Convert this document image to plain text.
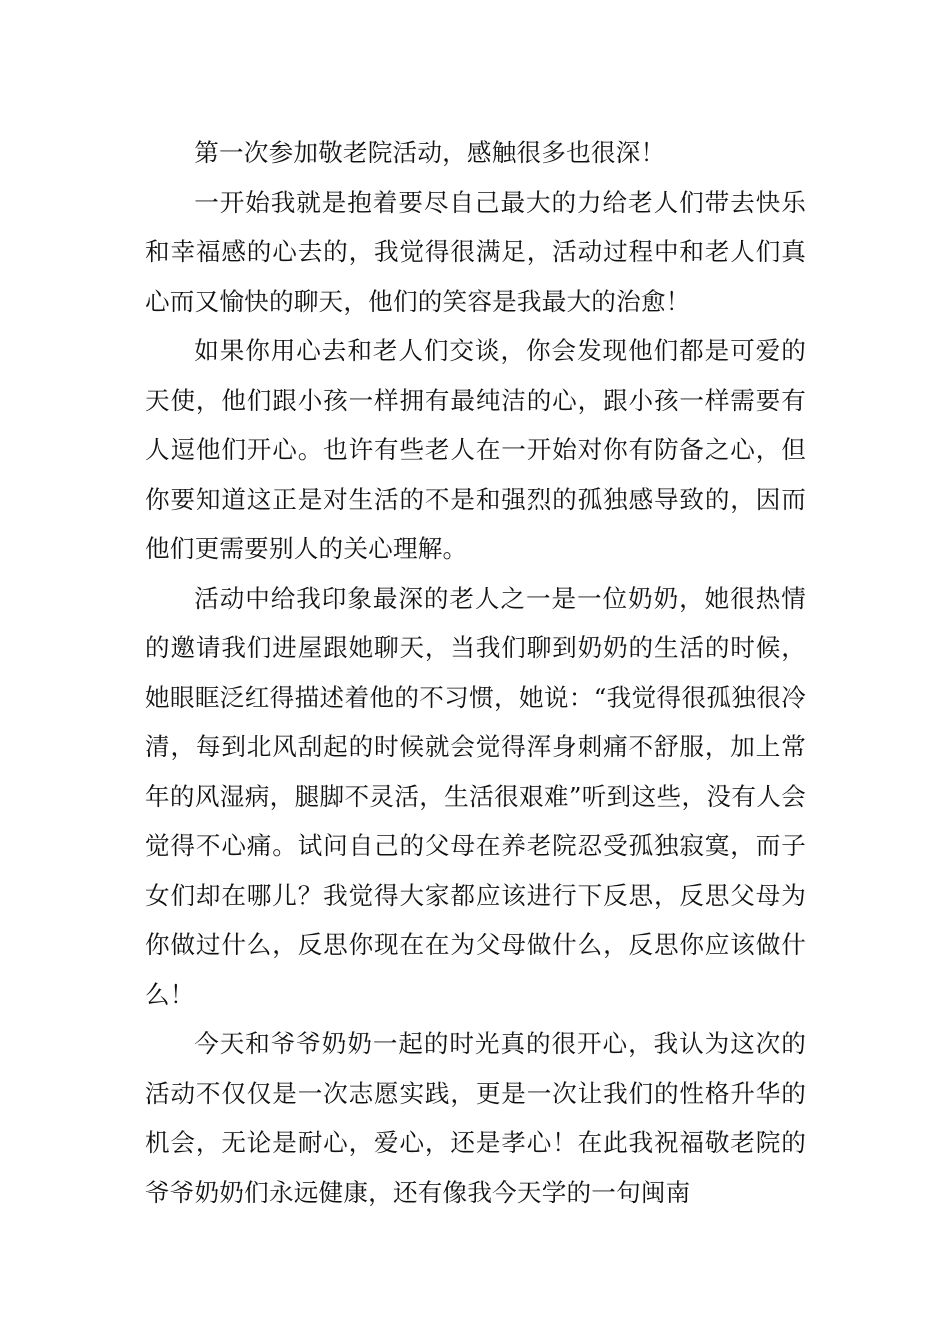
第一次参加敬老院活动，感触很多也很深！

一开始我就是抱着要尽自己最大的力给老人们带去快乐和幸福感的心去的，我觉得很满足，活动过程中和老人们真心而又愉快的聊天，他们的笑容是我最大的治愈！

如果你用心去和老人们交谈，你会发现他们都是可爱的天使，他们跟小孩一样拥有最纯洁的心，跟小孩一样需要有人逗他们开心。也许有些老人在一开始对你有防备之心，但你要知道这正是对生活的不是和强烈的孤独感导致的，因而他们更需要别人的关心理解。

活动中给我印象最深的老人之一是一位奶奶，她很热情的邀请我们进屋跟她聊天，当我们聊到奶奶的生活的时候，她眼眶泛红得描述着他的不习惯，她说：“我觉得很孤独很冷清，每到北风刮起的时候就会觉得浑身刺痛不舒服，加上常年的风湿病，腿脚不灵活，生活很艰难”听到这些，没有人会觉得不心痛。试问自己的父母在养老院忍受孤独寂寞，而子女们却在哪儿？我觉得大家都应该进行下反思，反思父母为你做过什么，反思你现在在为父母做什么，反思你应该做什么！

今天和爷爷奶奶一起的时光真的很开心，我认为这次的活动不仅仅是一次志愿实践，更是一次让我们的性格升华的机会，无论是耐心，爱心，还是孝心！在此我祝福敬老院的爷爷奶奶们永远健康，还有像我今天学的一句闽南
